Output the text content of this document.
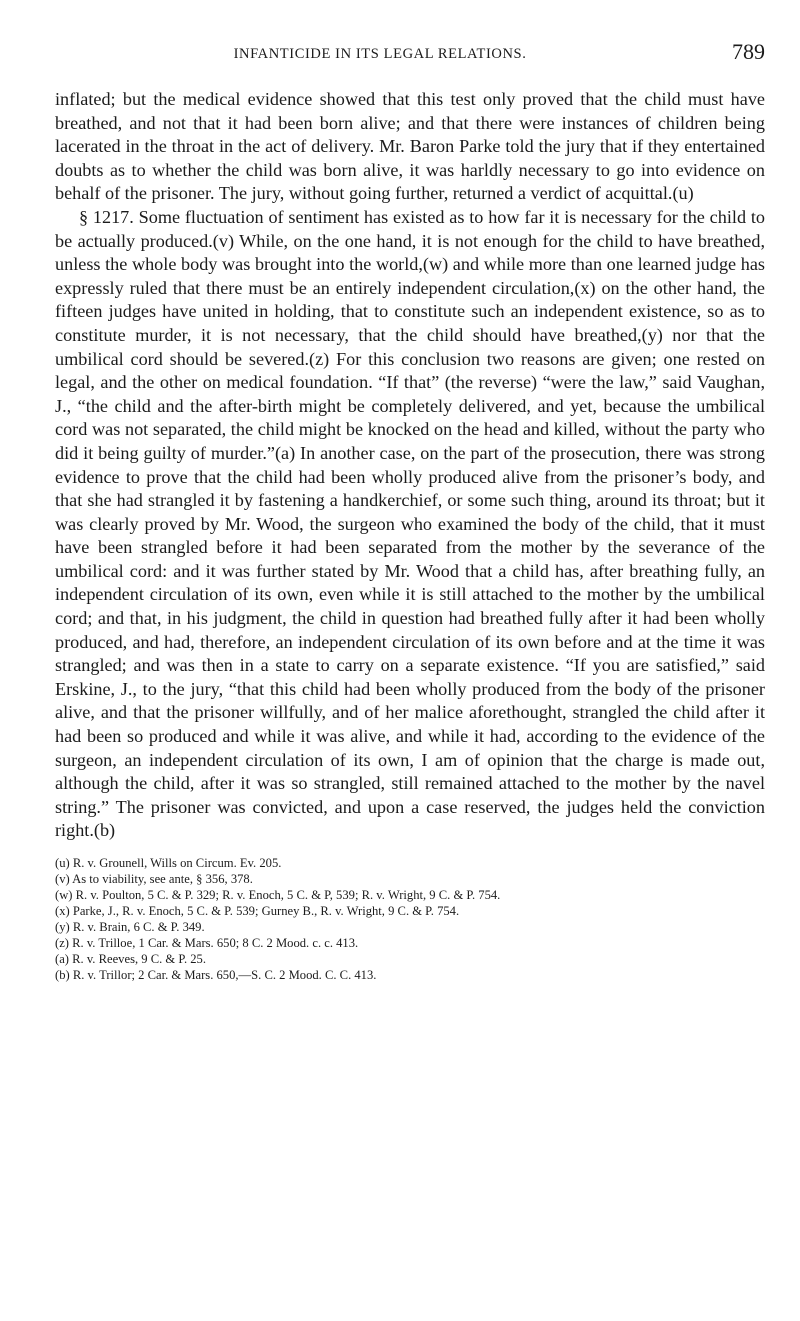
INFANTICIDE IN ITS LEGAL RELATIONS.	789

inflated; but the medical evidence showed that this test only proved that the child must have breathed, and not that it had been born alive; and that there were instances of children being lacerated in the throat in the act of delivery. Mr. Baron Parke told the jury that if they entertained doubts as to whether the child was born alive, it was harldly necessary to go into evidence on behalf of the prisoner. The jury, without going further, returned a verdict of acquittal.(u)

§ 1217. Some fluctuation of sentiment has existed as to how far it is necessary for the child to be actually produced.(v) While, on the one hand, it is not enough for the child to have breathed, unless the whole body was brought into the world,(w) and while more than one learned judge has expressly ruled that there must be an entirely independent circulation,(x) on the other hand, the fifteen judges have united in holding, that to constitute such an independent existence, so as to constitute murder, it is not necessary, that the child should have breathed,(y) nor that the umbilical cord should be severed.(z) For this conclusion two reasons are given; one rested on legal, and the other on medical foundation. “If that” (the reverse) “were the law,” said Vaughan, J., “the child and the after-birth might be completely delivered, and yet, because the umbilical cord was not separated, the child might be knocked on the head and killed, without the party who did it being guilty of murder.”(a) In another case, on the part of the prosecution, there was strong evidence to prove that the child had been wholly produced alive from the prisoner’s body, and that she had strangled it by fastening a handkerchief, or some such thing, around its throat; but it was clearly proved by Mr. Wood, the surgeon who examined the body of the child, that it must have been strangled before it had been separated from the mother by the severance of the umbilical cord: and it was further stated by Mr. Wood that a child has, after breathing fully, an independent circulation of its own, even while it is still attached to the mother by the umbilical cord; and that, in his judgment, the child in question had breathed fully after it had been wholly produced, and had, therefore, an independent circulation of its own before and at the time it was strangled; and was then in a state to carry on a separate existence. “If you are satisfied,” said Erskine, J., to the jury, “that this child had been wholly produced from the body of the prisoner alive, and that the prisoner willfully, and of her malice aforethought, strangled the child after it had been so produced and while it was alive, and while it had, according to the evidence of the surgeon, an independent circulation of its own, I am of opinion that the charge is made out, although the child, after it was so strangled, still remained attached to the mother by the navel string.” The prisoner was convicted, and upon a case reserved, the judges held the conviction right.(b)

(u) R. v. Grounell, Wills on Circum. Ev. 205.
(v) As to viability, see ante, § 356, 378.
(w) R. v. Poulton, 5 C. & P. 329; R. v. Enoch, 5 C. & P, 539; R. v. Wright, 9 C. & P. 754.
(x) Parke, J., R. v. Enoch, 5 C. & P. 539; Gurney B., R. v. Wright, 9 C. & P. 754.
(y) R. v. Brain, 6 C. & P. 349.
(z) R. v. Trilloe, 1 Car. & Mars. 650; 8 C. 2 Mood. c. c. 413.
(a) R. v. Reeves, 9 C. & P. 25.
(b) R. v. Trillor; 2 Car. & Mars. 650,—S. C. 2 Mood. C. C. 413.
